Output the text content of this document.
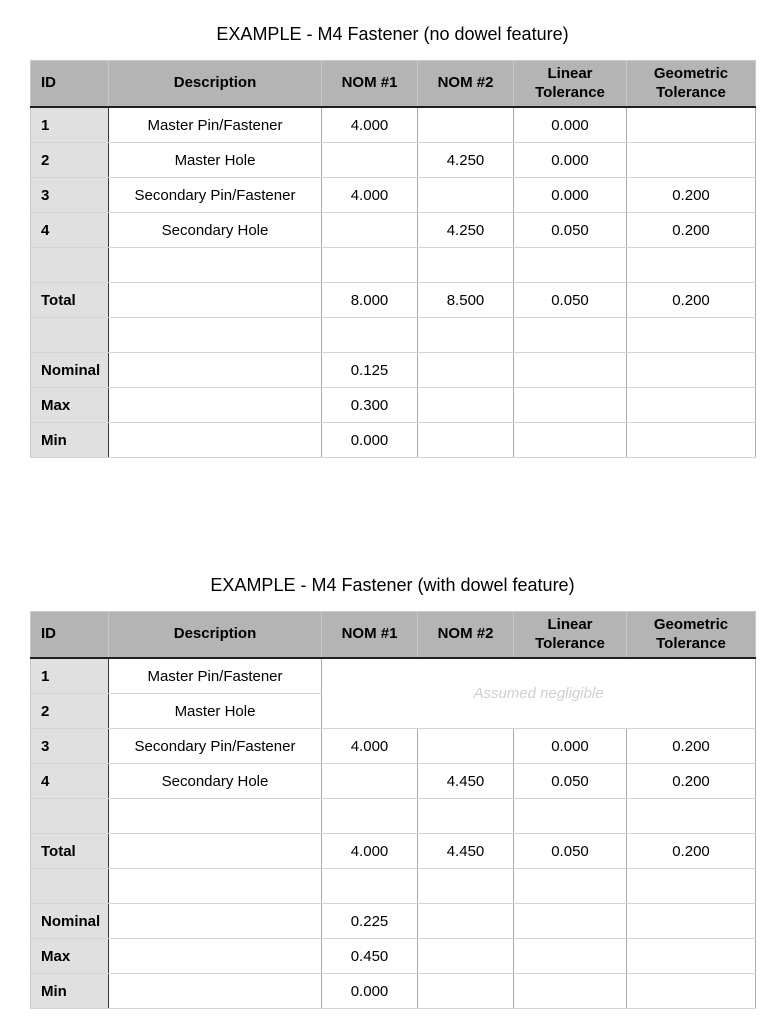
EXAMPLE - M4 Fastener (no dowel feature)
ID	Description	NOM #1	NOM #2	Linear Tolerance	Geometric Tolerance
1	Master Pin/Fastener	4.000		0.000	
2	Master Hole		4.250	0.000	
3	Secondary Pin/Fastener	4.000		0.000	0.200
4	Secondary Hole		4.250	0.050	0.200

Total		8.000	8.500	0.050	0.200

Nominal		0.125			
Max		0.300			
Min		0.000			
EXAMPLE - M4 Fastener (with dowel feature)
ID	Description	NOM #1	NOM #2	Linear Tolerance	Geometric Tolerance
1	Master Pin/Fastener	Assumed negligible			
2	Master Hole				
3	Secondary Pin/Fastener	4.000		0.000	0.200
4	Secondary Hole		4.450	0.050	0.200

Total		4.000	4.450	0.050	0.200

Nominal		0.225			
Max		0.450			
Min		0.000			
